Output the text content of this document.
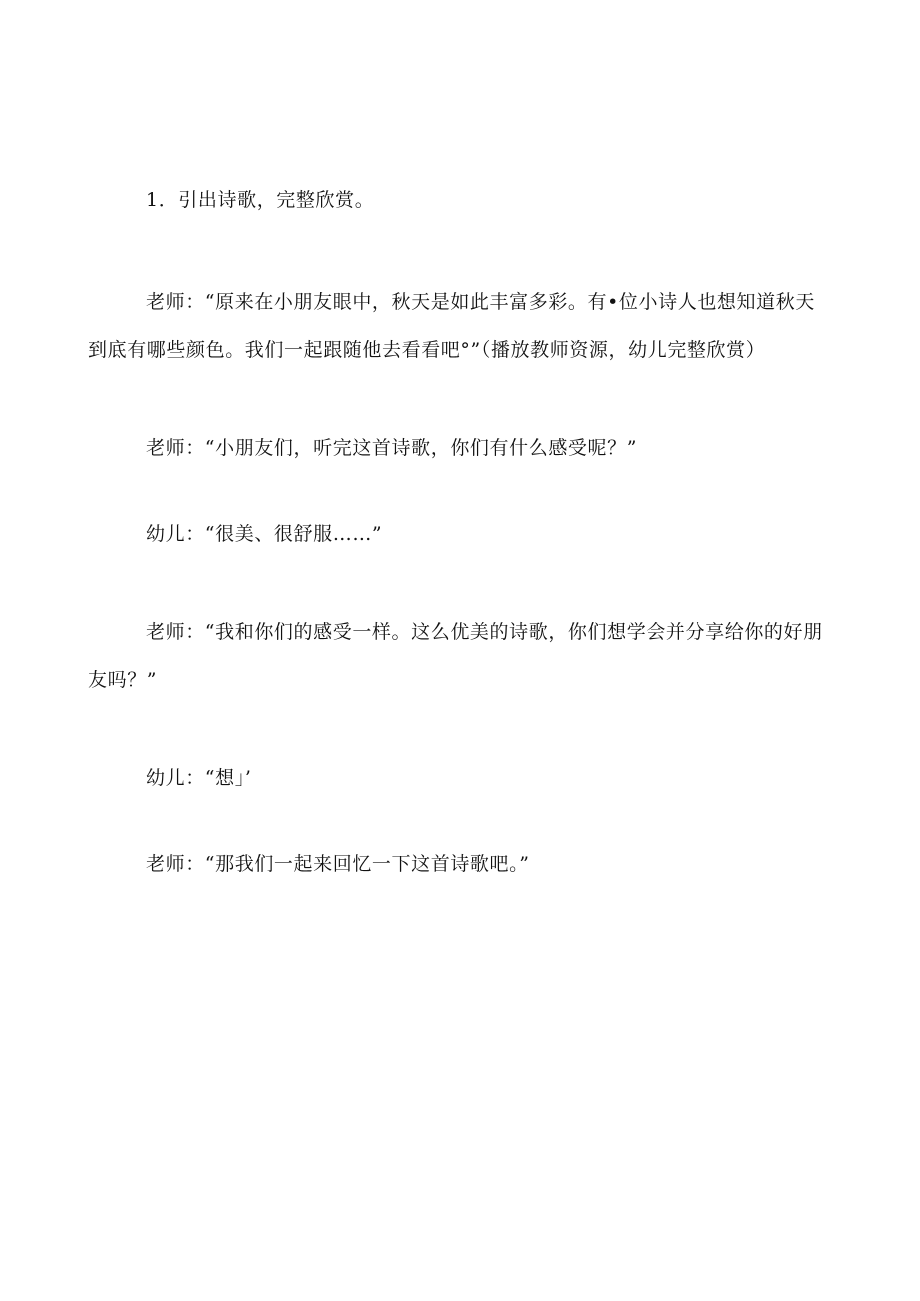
1．引出诗歌，完整欣赏。

老师：“原来在小朋友眼中，秋天是如此丰富多彩。有•位小诗人也想知道秋天到底有哪些颜色。我们一起跟随他去看看吧°”（播放教师资源，幼儿完整欣赏）

老师：“小朋友们，听完这首诗歌，你们有什么感受呢？”

幼儿：“很美、很舒服……”

老师：“我和你们的感受一样。这么优美的诗歌，你们想学会并分享给你的好朋友吗？”

幼儿：“想」’

老师：“那我们一起来回忆一下这首诗歌吧。”
